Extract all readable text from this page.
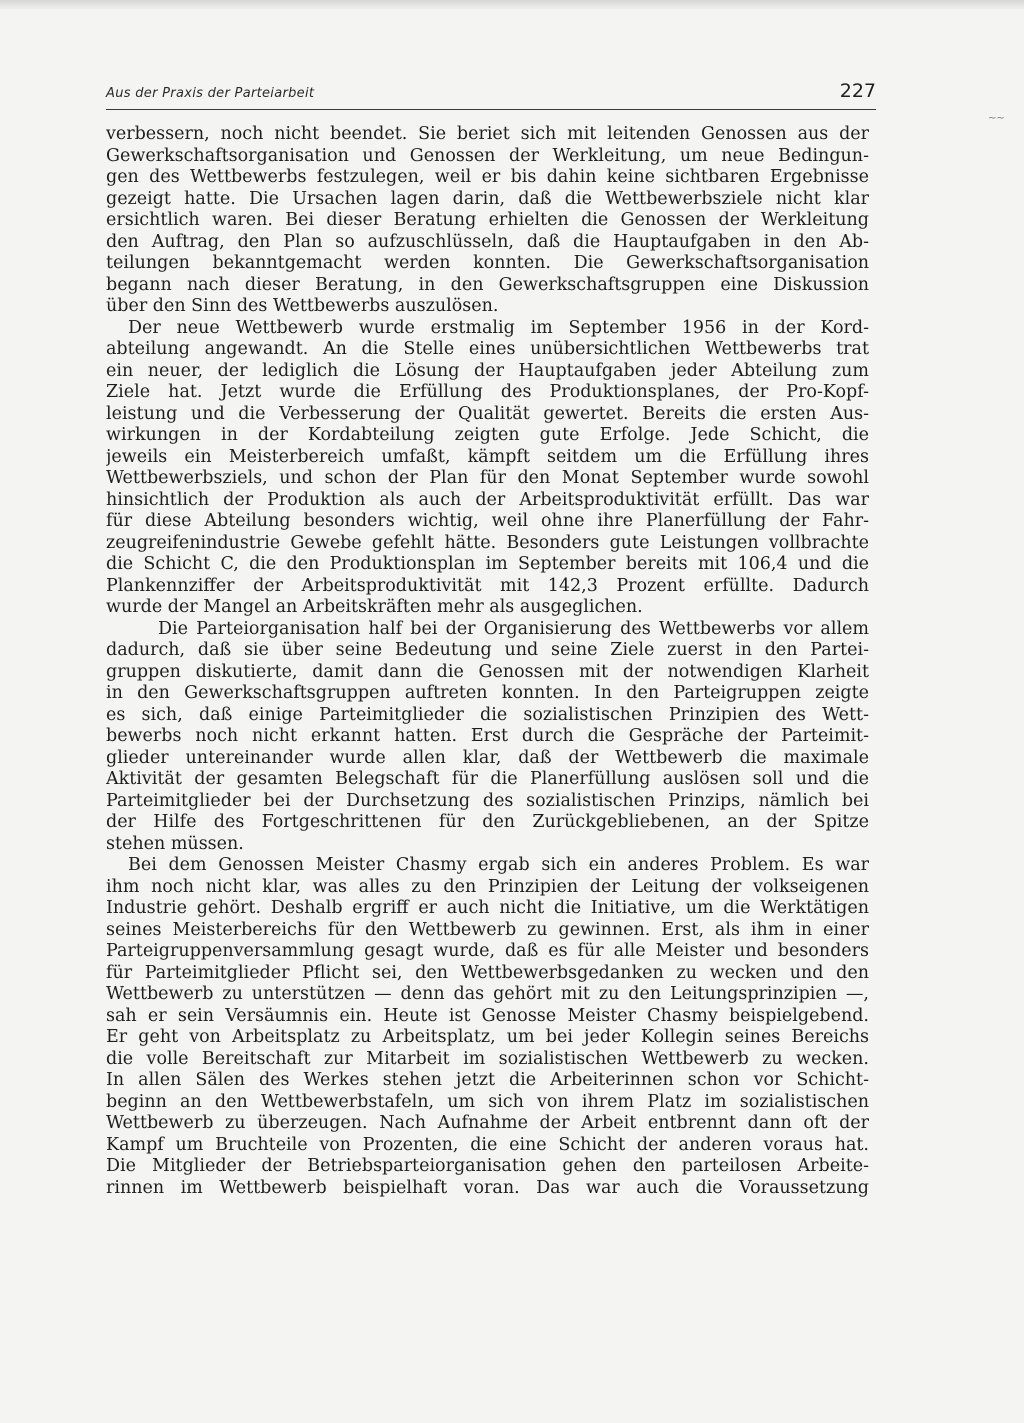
Aus der Praxis der Parteiarbeit	227
~~

verbessern, noch nicht beendet. Sie beriet sich mit leitenden Genossen aus der
Gewerkschaftsorganisation und Genossen der Werkleitung, um neue Bedingun-
gen des Wettbewerbs festzulegen, weil er bis dahin keine sichtbaren Ergebnisse
gezeigt hatte. Die Ursachen lagen darin, daß die Wettbewerbsziele nicht klar
ersichtlich waren. Bei dieser Beratung erhielten die Genossen der Werkleitung
den Auftrag, den Plan so aufzuschlüsseln, daß die Hauptaufgaben in den Ab-
teilungen bekanntgemacht werden konnten. Die Gewerkschaftsorganisation
begann nach dieser Beratung, in den Gewerkschaftsgruppen eine Diskussion
über den Sinn des Wettbewerbs auszulösen.

Der neue Wettbewerb wurde erstmalig im September 1956 in der Kord-
abteilung angewandt. An die Stelle eines unübersichtlichen Wettbewerbs trat
ein neuer, der lediglich die Lösung der Hauptaufgaben jeder Abteilung zum
Ziele hat. Jetzt wurde die Erfüllung des Produktionsplanes, der Pro-Kopf-
leistung und die Verbesserung der Qualität gewertet. Bereits die ersten Aus-
wirkungen in der Kordabteilung zeigten gute Erfolge. Jede Schicht, die
jeweils ein Meisterbereich umfaßt, kämpft seitdem um die Erfüllung ihres
Wettbewerbsziels, und schon der Plan für den Monat September wurde sowohl
hinsichtlich der Produktion als auch der Arbeitsproduktivität erfüllt. Das war
für diese Abteilung besonders wichtig, weil ohne ihre Planerfüllung der Fahr-
zeugreifenindustrie Gewebe gefehlt hätte. Besonders gute Leistungen vollbrachte
die Schicht C, die den Produktionsplan im September bereits mit 106,4 und die
Plankennziffer der Arbeitsproduktivität mit 142,3 Prozent erfüllte. Dadurch
wurde der Mangel an Arbeitskräften mehr als ausgeglichen.

Die Parteiorganisation half bei der Organisierung des Wettbewerbs vor allem
dadurch, daß sie über seine Bedeutung und seine Ziele zuerst in den Partei-
gruppen diskutierte, damit dann die Genossen mit der notwendigen Klarheit
in den Gewerkschaftsgruppen auftreten konnten. In den Parteigruppen zeigte
es sich, daß einige Parteimitglieder die sozialistischen Prinzipien des Wett-
bewerbs noch nicht erkannt hatten. Erst durch die Gespräche der Parteimit-
glieder untereinander wurde allen klar, daß der Wettbewerb die maximale
Aktivität der gesamten Belegschaft für die Planerfüllung auslösen soll und die
Parteimitglieder bei der Durchsetzung des sozialistischen Prinzips, nämlich bei
der Hilfe des Fortgeschrittenen für den Zurückgebliebenen, an der Spitze
stehen müssen.

Bei dem Genossen Meister Chasmy ergab sich ein anderes Problem. Es war
ihm noch nicht klar, was alles zu den Prinzipien der Leitung der volkseigenen
Industrie gehört. Deshalb ergriff er auch nicht die Initiative, um die Werktätigen
seines Meisterbereichs für den Wettbewerb zu gewinnen. Erst, als ihm in einer
Parteigruppenversammlung gesagt wurde, daß es für alle Meister und besonders
für Parteimitglieder Pflicht sei, den Wettbewerbsgedanken zu wecken und den
Wettbewerb zu unterstützen — denn das gehört mit zu den Leitungsprinzipien —,
sah er sein Versäumnis ein. Heute ist Genosse Meister Chasmy beispielgebend.
Er geht von Arbeitsplatz zu Arbeitsplatz, um bei jeder Kollegin seines Bereichs
die volle Bereitschaft zur Mitarbeit im sozialistischen Wettbewerb zu wecken.
In allen Sälen des Werkes stehen jetzt die Arbeiterinnen schon vor Schicht-
beginn an den Wettbewerbstafeln, um sich von ihrem Platz im sozialistischen
Wettbewerb zu überzeugen. Nach Aufnahme der Arbeit entbrennt dann oft der
Kampf um Bruchteile von Prozenten, die eine Schicht der anderen voraus hat.
Die Mitglieder der Betriebsparteiorganisation gehen den parteilosen Arbeite-
rinnen im Wettbewerb beispielhaft voran. Das war auch die Voraussetzung
